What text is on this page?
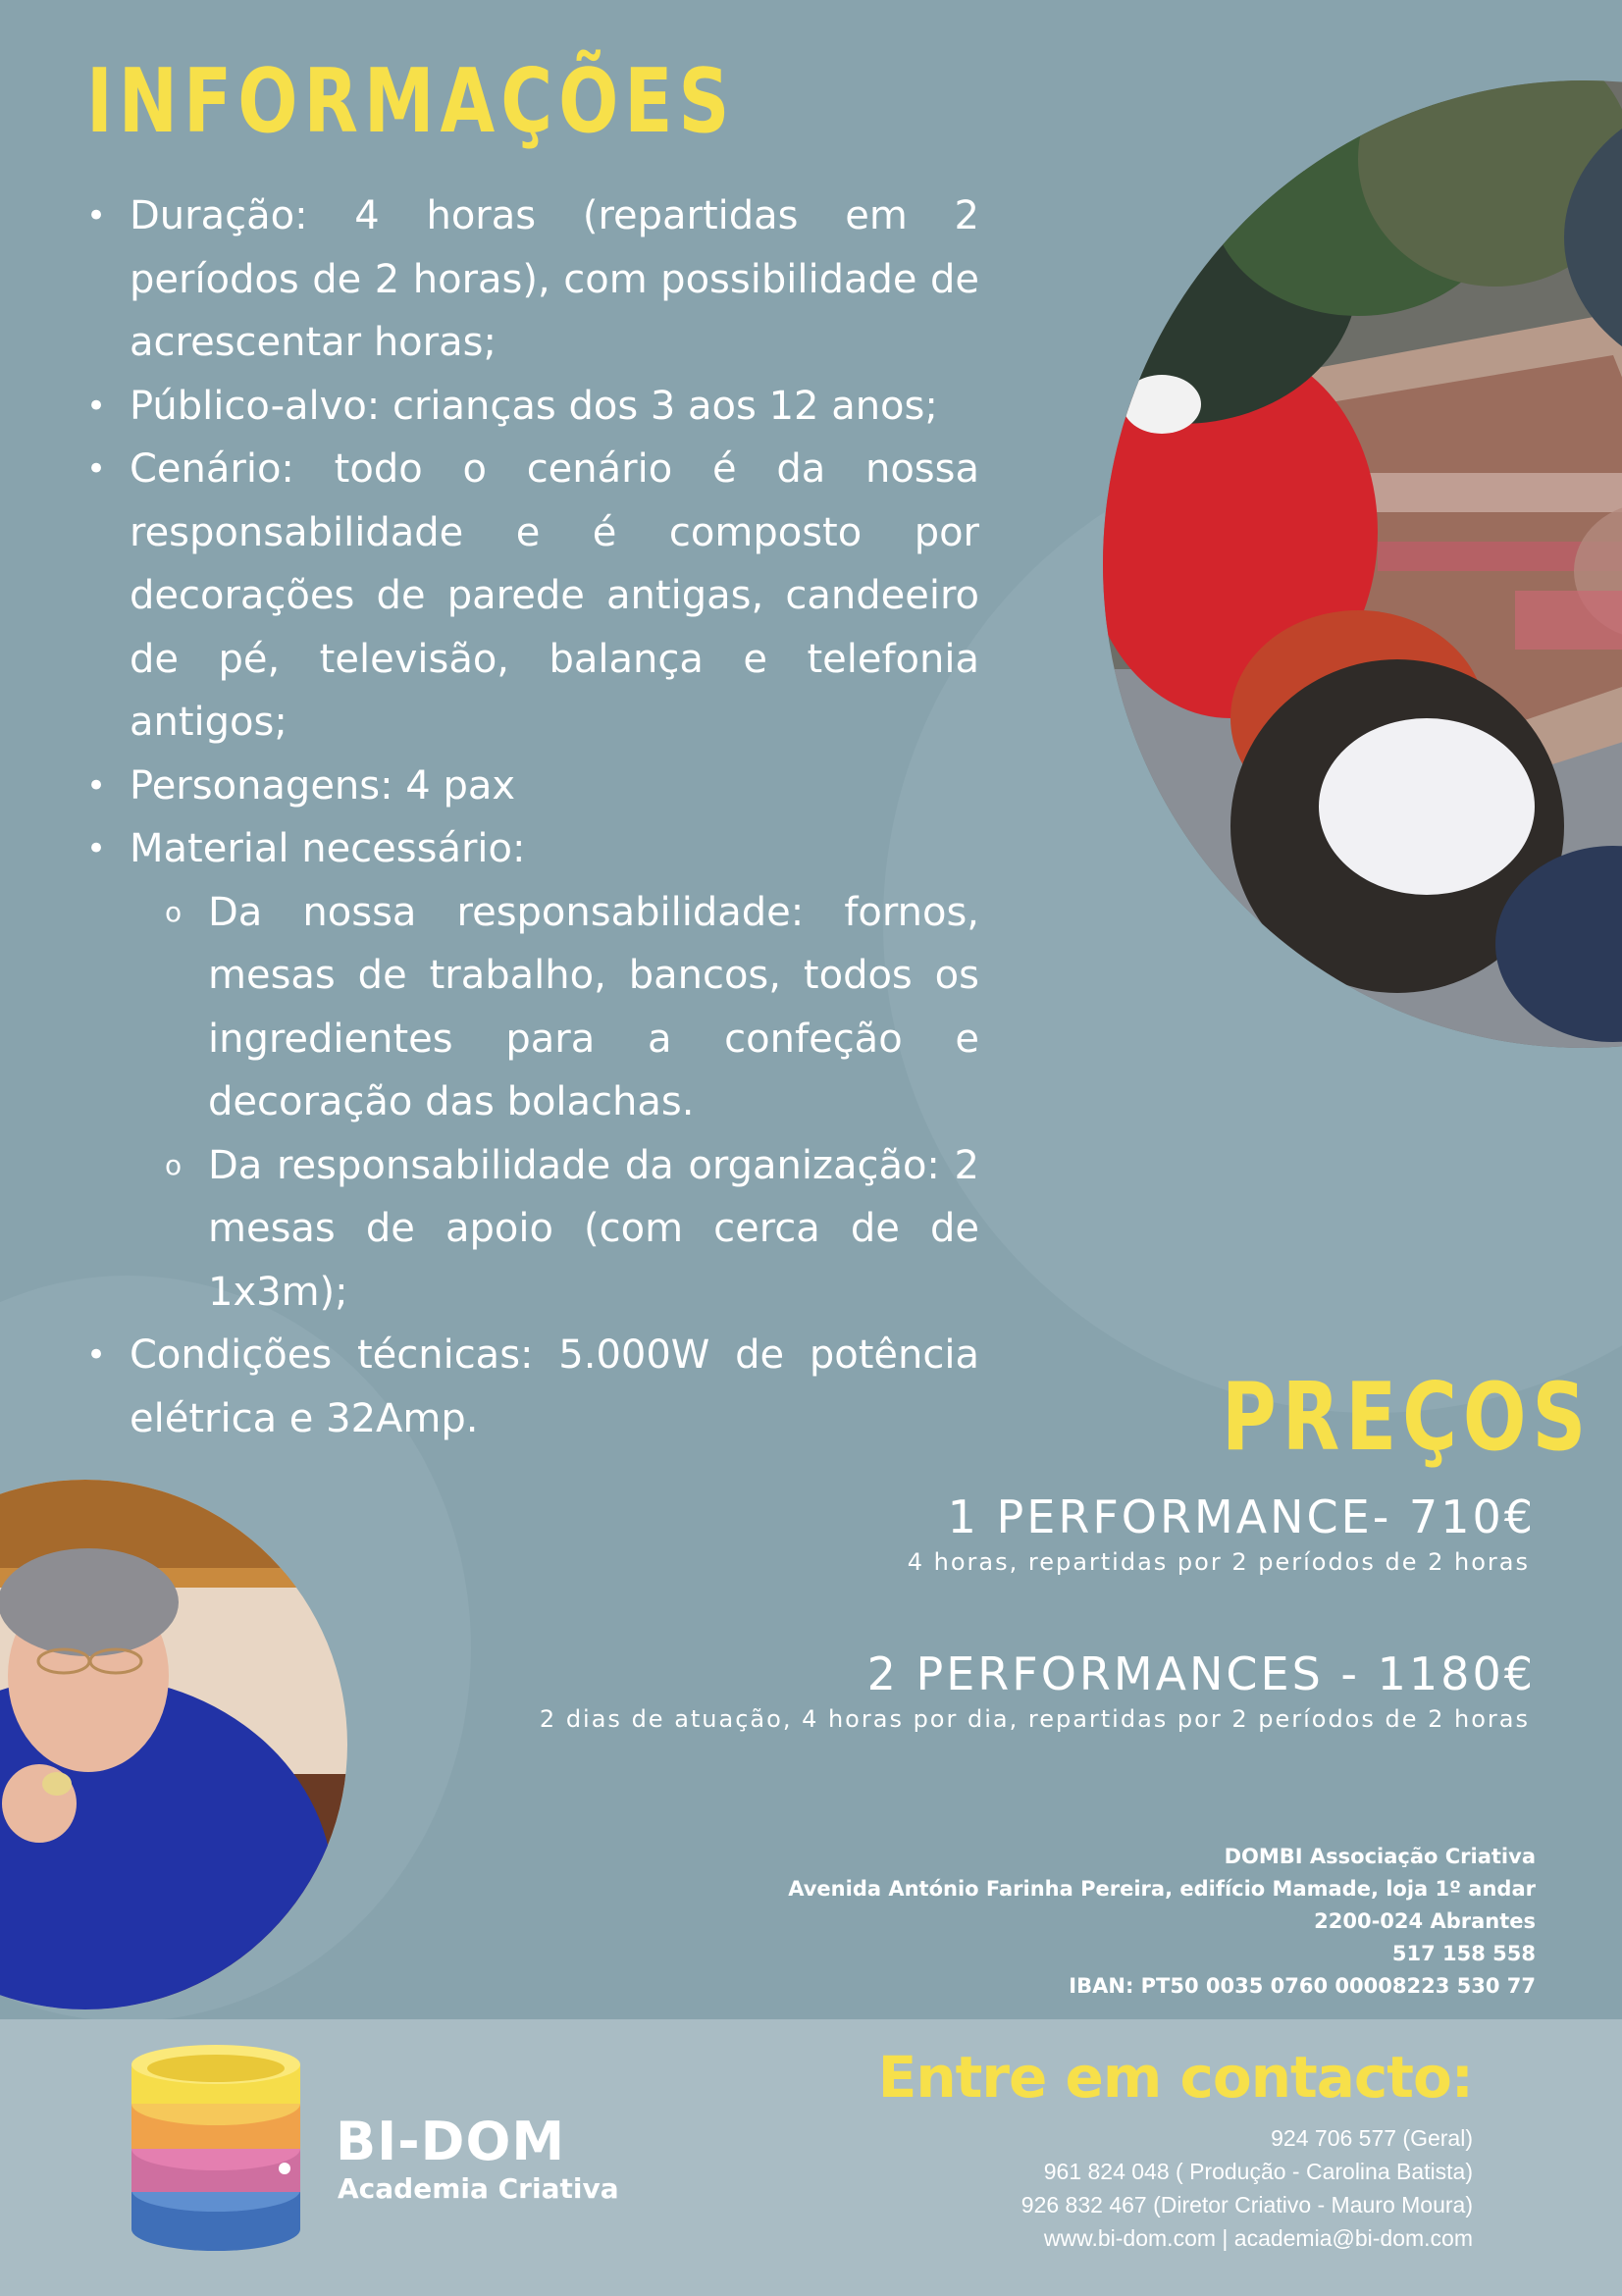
INFORMAÇÕES
• Duração: 4 horas (repartidas em 2 períodos de 2 horas), com possibilidade de acrescentar horas;
• Público-alvo: crianças dos 3 aos 12 anos;
• Cenário: todo o cenário é da nossa responsabilidade e é composto por decorações de parede antigas, candeeiro de pé, televisão, balança e telefonia antigos;
• Personagens: 4 pax
• Material necessário:
o Da nossa responsabilidade: fornos, mesas de trabalho, bancos, todos os ingredientes para a confeção e decoração das bolachas.
o Da responsabilidade da organização: 2 mesas de apoio (com cerca de de 1x3m);
• Condições técnicas: 5.000W de potência elétrica e 32Amp.	PREÇOS
1 PERFORMANCE- 710€
4 horas, repartidas por 2 períodos de 2 horas
2 PERFORMANCES - 1180€
2 dias de atuação, 4 horas por dia, repartidas por 2 períodos de 2 horas
DOMBI Associação Criativa
Avenida António Farinha Pereira, edifício Mamade, loja 1º andar
2200-024 Abrantes
517 158 558
IBAN: PT50 0035 0760 00008223 530 77
BI-DOM
Academia Criativa
Entre em contacto:
924 706 577 (Geral)
961 824 048 ( Produção - Carolina Batista)
926 832 467 (Diretor Criativo - Mauro Moura)
www.bi-dom.com | academia@bi-dom.com
